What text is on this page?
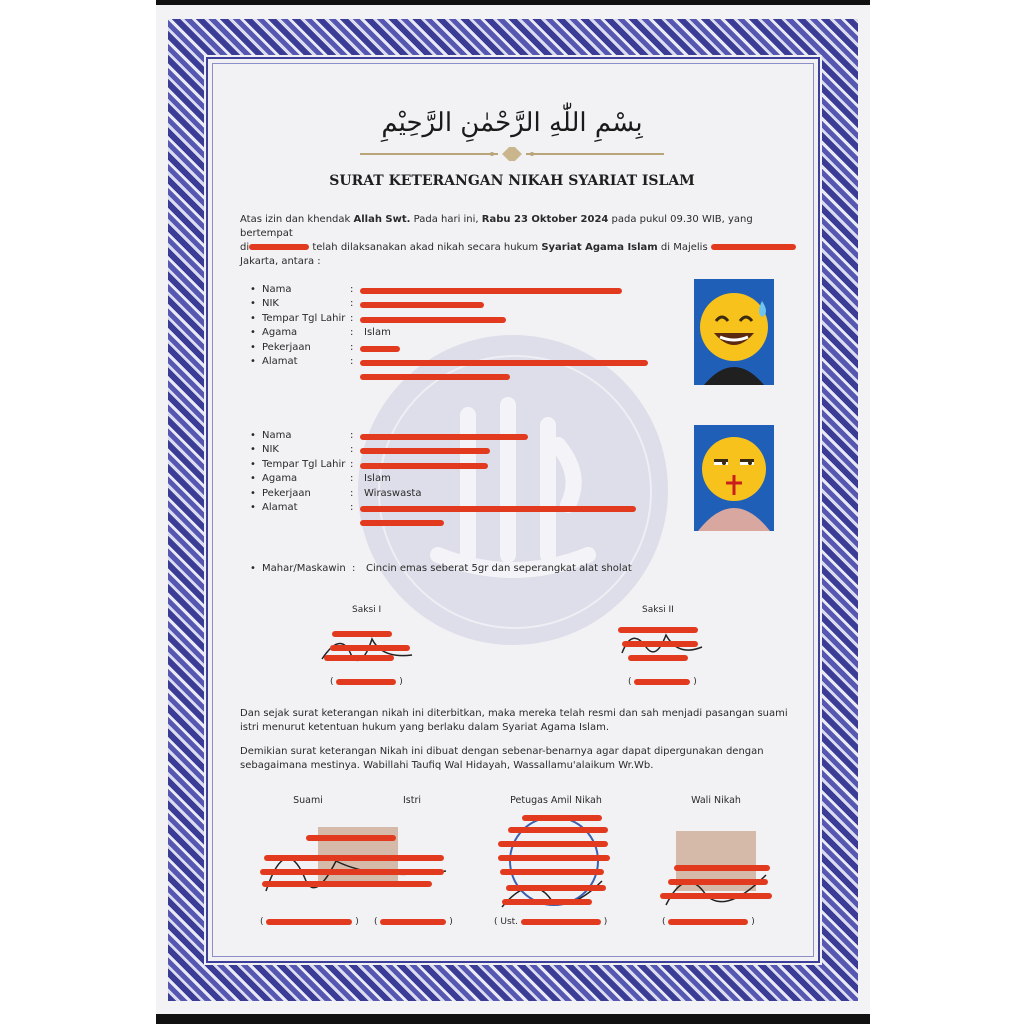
بِسْمِ اللّٰهِ الرَّحْمٰنِ الرَّحِيْمِ
SURAT KETERANGAN NIKAH SYARIAT ISLAM
Atas izin dan khendak Allah Swt. Pada hari ini, Rabu 23 Oktober 2024 pada pukul 09.30 WIB, yang bertempat
di	telah dilaksanakan akad nikah secara hukum Syariat Agama Islam di Majelis
Jakarta, antara :
• Nama	:
• NIK	:
• Tempar Tgl Lahir :
• Agama	: Islam
• Pekerjaan	:
• Alamat	:
• Nama	:
• NIK	:
• Tempar Tgl Lahir :
• Agama	: Islam
• Pekerjaan	: Wiraswasta
• Alamat	:
• Mahar/Maskawin : Cincin emas seberat 5gr dan seperangkat alat sholat
Saksi I	Saksi II
(	)	(	)
Dan sejak surat keterangan nikah ini diterbitkan, maka mereka telah resmi dan sah menjadi pasangan suami
istri menurut ketentuan hukum yang berlaku dalam Syariat Agama Islam.
Demikian surat keterangan Nikah ini dibuat dengan sebenar-benarnya agar dapat dipergunakan dengan
sebagaimana mestinya. Wabillahi Taufiq Wal Hidayah, Wassallamu'alaikum Wr.Wb.
Suami	Istri	Petugas Amil Nikah	Wali Nikah
(	) (	)	( Ust.	)	(	)
